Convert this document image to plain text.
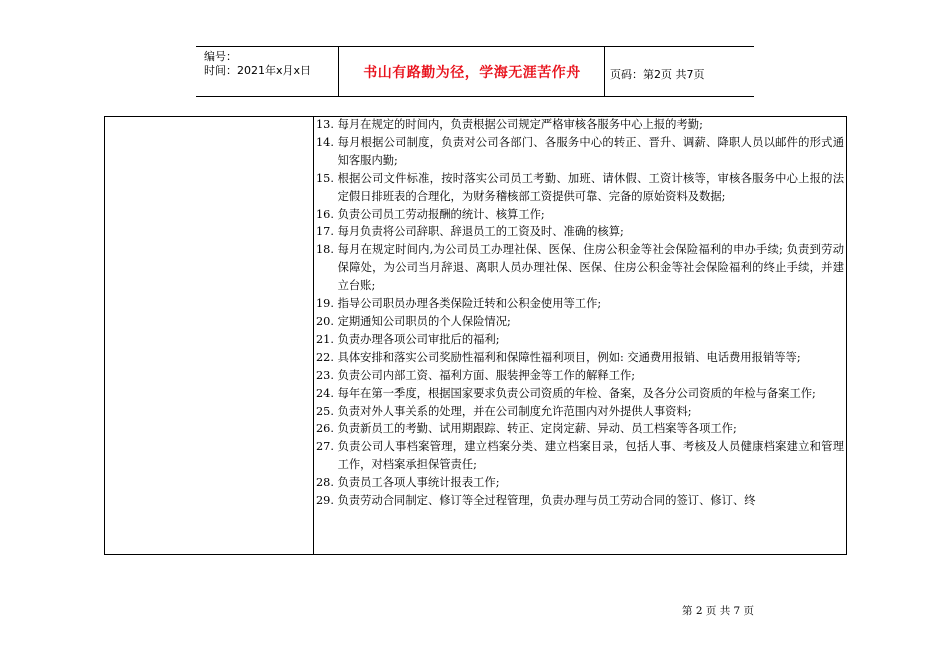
编号：
时间：2021年x月x日	书山有路勤为径，学海无涯苦作舟	页码：第2页 共7页
13. 每月在规定的时间内，负责根据公司规定严格审核各服务中心上报的考勤;
14. 每月根据公司制度，负责对公司各部门、各服务中心的转正、晋升、调薪、降职人员以邮件的形式通知客服内勤;
15. 根据公司文件标准，按时落实公司员工考勤、加班、请休假、工资计核等，审核各服务中心上报的法定假日排班表的合理化，为财务稽核部工资提供可靠、完备的原始资料及数据;
16. 负责公司员工劳动报酬的统计、核算工作;
17. 每月负责将公司辞职、辞退员工的工资及时、准确的核算;
18. 每月在规定时间内,为公司员工办理社保、医保、住房公积金等社会保险福利的申办手续; 负责到劳动保障处，为公司当月辞退、离职人员办理社保、医保、住房公积金等社会保险福利的终止手续，并建立台账;
19. 指导公司职员办理各类保险迁转和公积金使用等工作;
20. 定期通知公司职员的个人保险情况;
21. 负责办理各项公司审批后的福利;
22. 具体安排和落实公司奖励性福利和保障性福利项目，例如: 交通费用报销、电话费用报销等等;
23. 负责公司内部工资、福利方面、服装押金等工作的解释工作;
24. 每年在第一季度，根据国家要求负责公司资质的年检、备案，及各分公司资质的年检与备案工作;
25. 负责对外人事关系的处理，并在公司制度允许范围内对外提供人事资料;
26. 负责新员工的考勤、试用期跟踪、转正、定岗定薪、异动、员工档案等各项工作;
27. 负责公司人事档案管理，建立档案分类、建立档案目录，包括人事、考核及人员健康档案建立和管理工作，对档案承担保管责任;
28. 负责员工各项人事统计报表工作;
29. 负责劳动合同制定、修订等全过程管理，负责办理与员工劳动合同的签订、修订、终
第 2 页 共 7 页
